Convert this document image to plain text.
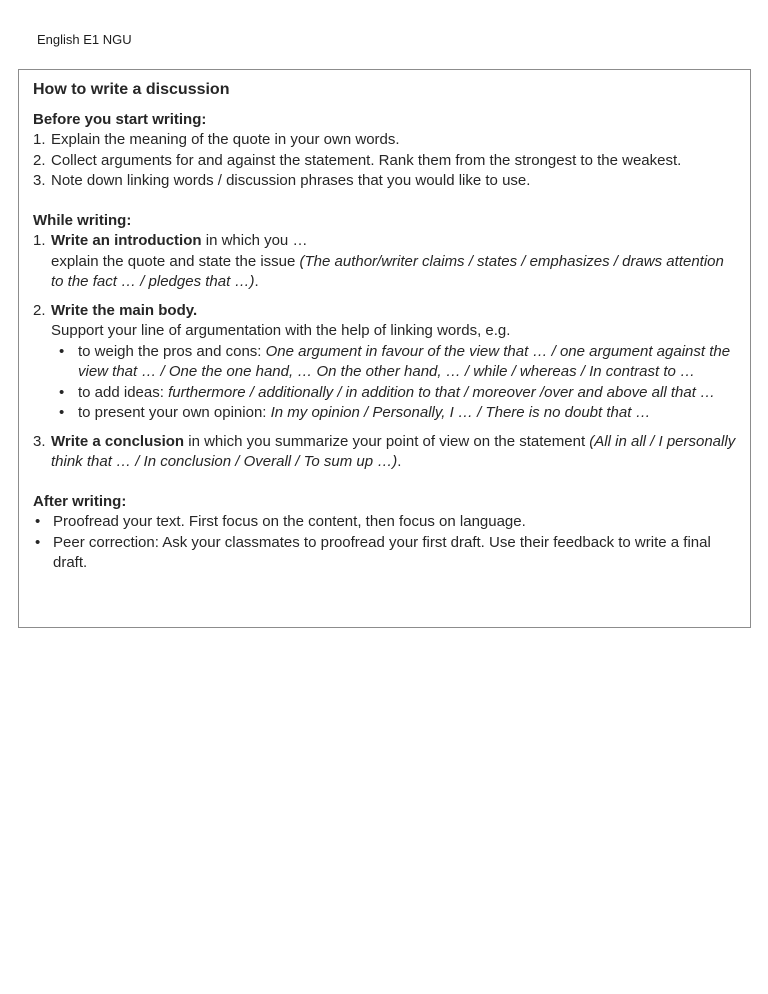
English E1 NGU
How to write a discussion
Before you start writing:
1. Explain the meaning of the quote in your own words.
2. Collect arguments for and against the statement. Rank them from the strongest to the weakest.
3. Note down linking words / discussion phrases that you would like to use.
While writing:
1. Write an introduction in which you …
explain the quote and state the issue (The author/writer claims / states / emphasizes / draws attention to the fact … / pledges that …).
2. Write the main body.
Support your line of argumentation with the help of linking words, e.g.
• to weigh the pros and cons: One argument in favour of the view that … / one argument against the view that … / One the one hand, … On the other hand, … / while / whereas / In contrast to …
• to add ideas: furthermore / additionally / in addition to that / moreover /over and above all that …
• to present your own opinion: In my opinion / Personally, I … / There is no doubt that …
3. Write a conclusion in which you summarize your point of view on the statement (All in all / I personally think that … / In conclusion / Overall / To sum up …).
After writing:
• Proofread your text. First focus on the content, then focus on language.
• Peer correction: Ask your classmates to proofread your first draft. Use their feedback to write a final draft.
